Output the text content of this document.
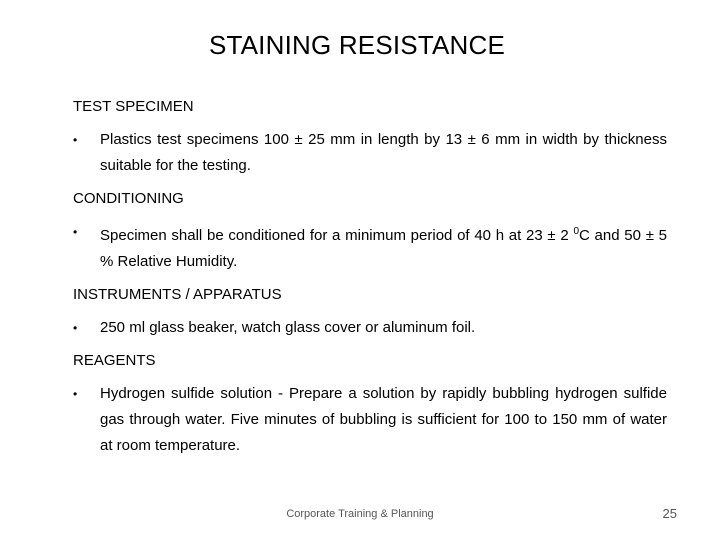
STAINING RESISTANCE
TEST SPECIMEN
•	Plastics test specimens 100 ± 25 mm in length by 13 ± 6 mm in width by thickness suitable for the testing.

CONDITIONING
•	Specimen shall be conditioned for a minimum period of 40 h at 23 ± 2 $^0$C and 50 ± 5 % Relative Humidity.

INSTRUMENTS / APPARATUS
•	250 ml glass beaker, watch glass cover or aluminum foil.

REAGENTS
•	Hydrogen sulfide solution - Prepare a solution by rapidly bubbling hydrogen sulfide gas through water. Five minutes of bubbling is sufficient for 100 to 150 mm of water at room temperature.

Corporate Training & Planning	25
